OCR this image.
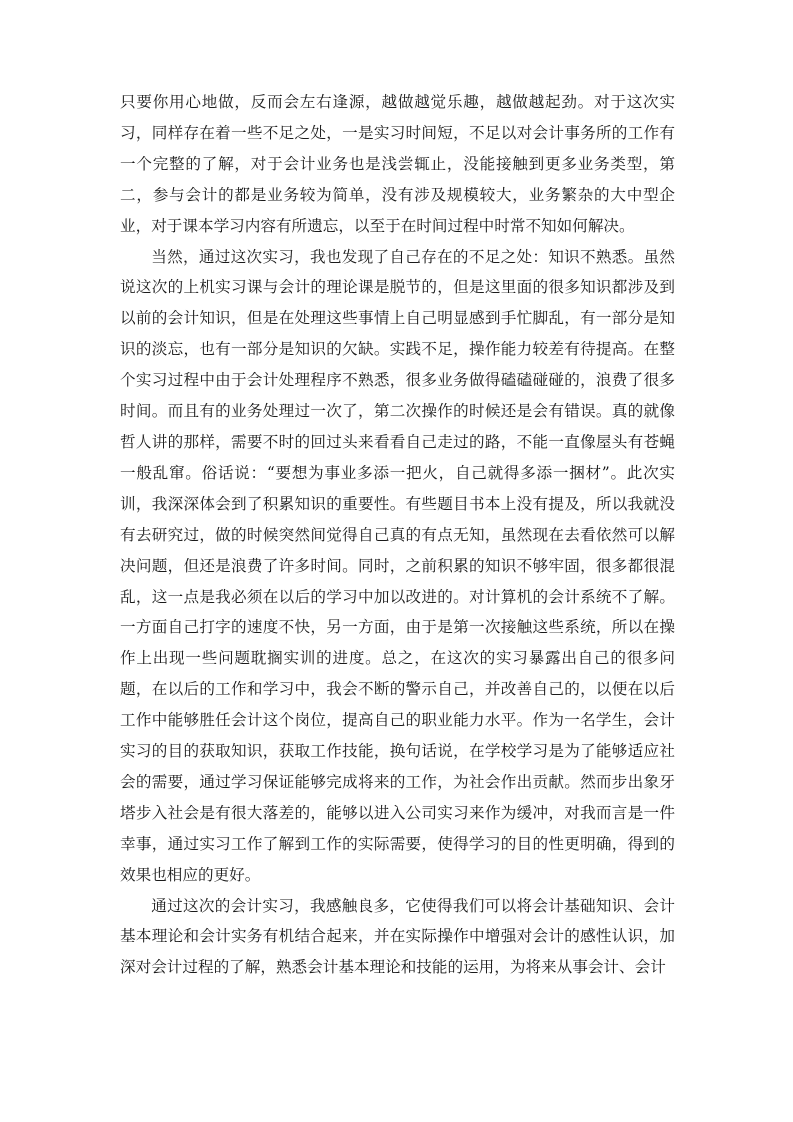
只要你用心地做，反而会左右逢源，越做越觉乐趣，越做越起劲。对于这次实习，同样存在着一些不足之处，一是实习时间短，不足以对会计事务所的工作有一个完整的了解，对于会计业务也是浅尝辄止，没能接触到更多业务类型，第二，参与会计的都是业务较为简单，没有涉及规模较大，业务繁杂的大中型企业，对于课本学习内容有所遗忘，以至于在时间过程中时常不知如何解决。

当然，通过这次实习，我也发现了自己存在的不足之处：知识不熟悉。虽然说这次的上机实习课与会计的理论课是脱节的，但是这里面的很多知识都涉及到以前的会计知识，但是在处理这些事情上自己明显感到手忙脚乱，有一部分是知识的淡忘，也有一部分是知识的欠缺。实践不足，操作能力较差有待提高。在整个实习过程中由于会计处理程序不熟悉，很多业务做得磕磕碰碰的，浪费了很多时间。而且有的业务处理过一次了，第二次操作的时候还是会有错误。真的就像哲人讲的那样，需要不时的回过头来看看自己走过的路，不能一直像屋头有苍蝇一般乱窜。俗话说：“要想为事业多添一把火，自己就得多添一捆材”。此次实训，我深深体会到了积累知识的重要性。有些题目书本上没有提及，所以我就没有去研究过，做的时候突然间觉得自己真的有点无知，虽然现在去看依然可以解决问题，但还是浪费了许多时间。同时，之前积累的知识不够牢固，很多都很混乱，这一点是我必须在以后的学习中加以改进的。对计算机的会计系统不了解。一方面自己打字的速度不快，另一方面，由于是第一次接触这些系统，所以在操作上出现一些问题耽搁实训的进度。总之，在这次的实习暴露出自己的很多问题，在以后的工作和学习中，我会不断的警示自己，并改善自己的，以便在以后工作中能够胜任会计这个岗位，提高自己的职业能力水平。作为一名学生，会计实习的目的获取知识，获取工作技能，换句话说，在学校学习是为了能够适应社会的需要，通过学习保证能够完成将来的工作，为社会作出贡献。然而步出象牙塔步入社会是有很大落差的，能够以进入公司实习来作为缓冲，对我而言是一件幸事，通过实习工作了解到工作的实际需要，使得学习的目的性更明确，得到的效果也相应的更好。

通过这次的会计实习，我感触良多，它使得我们可以将会计基础知识、会计基本理论和会计实务有机结合起来，并在实际操作中增强对会计的感性认识，加深对会计过程的了解，熟悉会计基本理论和技能的运用，为将来从事会计、会计
